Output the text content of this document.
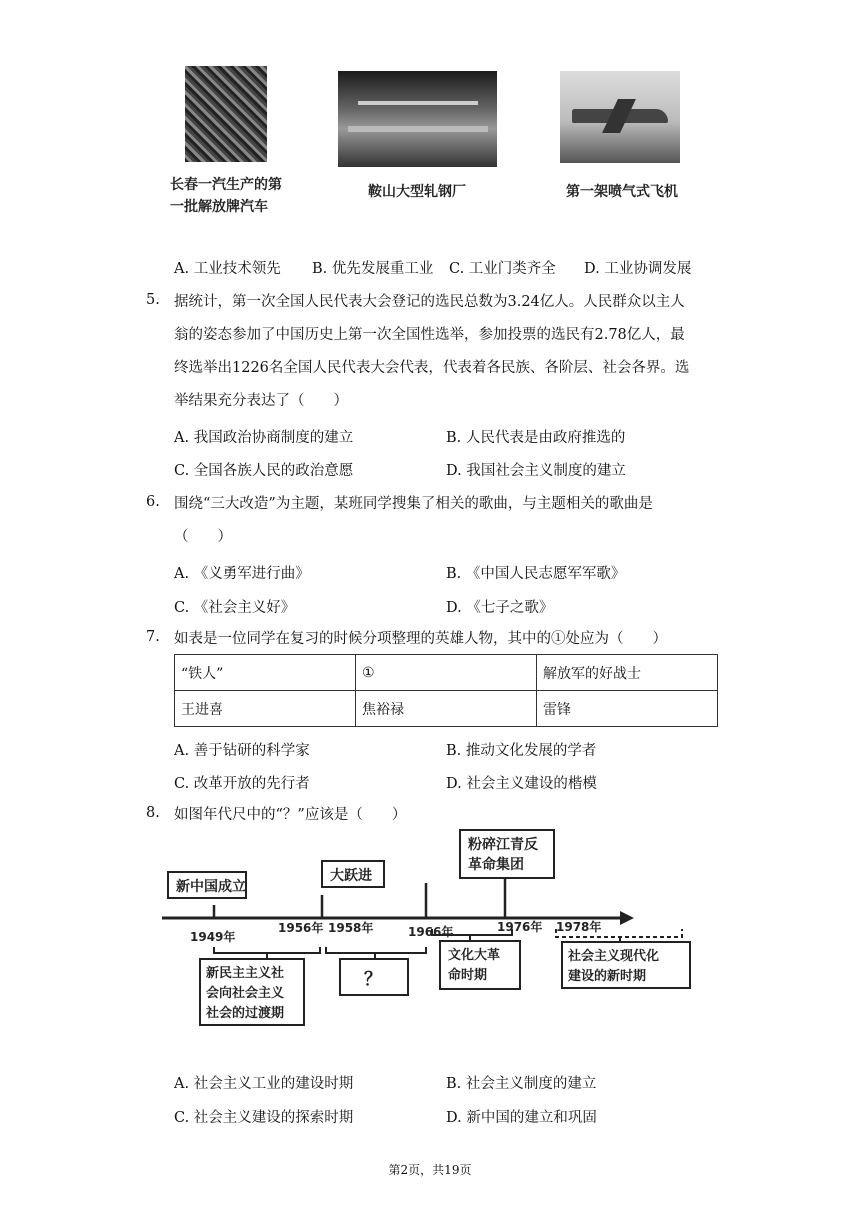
长春一汽生产的第
一批解放牌汽车
鞍山大型轧钢厂	第一架喷气式飞机
A. 工业技术领先 B. 优先发展重工业 C. 工业门类齐全 D. 工业协调发展
5. 据统计，第一次全国人民代表大会登记的选民总数为3.24亿人。人民群众以主人
翁的姿态参加了中国历史上第一次全国性选举，参加投票的选民有2.78亿人，最
终选举出1226名全国人民代表大会代表，代表着各民族、各阶层、社会各界。选
举结果充分表达了（　　）
A. 我国政治协商制度的建立	B. 人民代表是由政府推选的
C. 全国各族人民的政治意愿	D. 我国社会主义制度的建立
6. 围绕“三大改造”为主题，某班同学搜集了相关的歌曲，与主题相关的歌曲是
（　　）
A. 《义勇军进行曲》	B. 《中国人民志愿军军歌》
C. 《社会主义好》	D. 《七子之歌》
7. 如表是一位同学在复习的时候分项整理的英雄人物，其中的①处应为（　　）
“铁人”	①	解放军的好战士
王进喜	焦裕禄	雷锋
A. 善于钻研的科学家	B. 推动文化发展的学者
C. 改革开放的先行者	D. 社会主义建设的楷模
8. 如图年代尺中的“？”应该是（　　）
新中国成立
大跃进
粉碎江青反
革命集团
1949年
1956年 1958年	1966年	1976年 1978年
新民主主义社
会向社会主义
社会的过渡期
？
文化大革
命时期
社会主义现代化
建设的新时期
A. 社会主义工业的建设时期	B. 社会主义制度的建立
C. 社会主义建设的探索时期	D. 新中国的建立和巩固
第2页，共19页
